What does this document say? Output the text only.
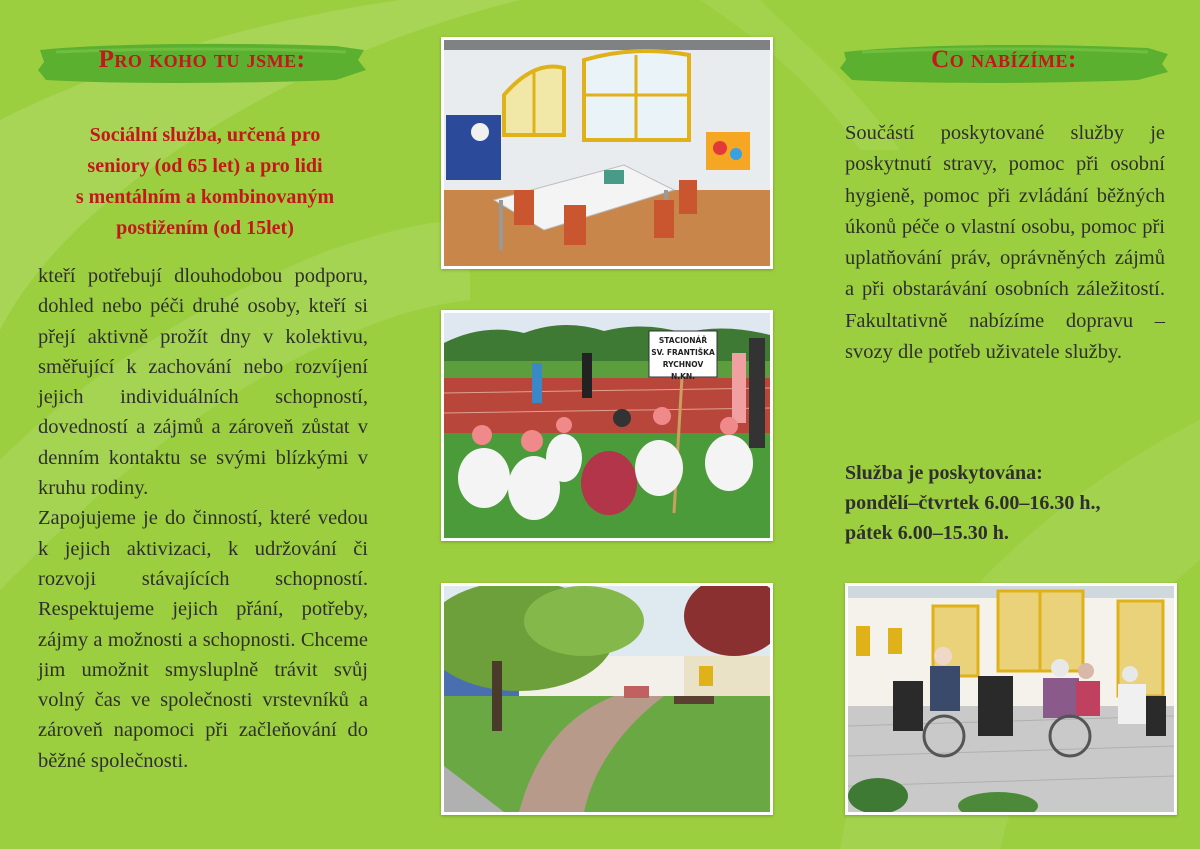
Pro koho tu jsme:
Sociální služba, určená pro
seniory (od 65 let) a pro lidi
s mentálním a kombinovaným
postižením (od 15let)

kteří potřebují dlouhodobou podporu, dohled nebo péči druhé osoby, kteří si přejí aktivně prožít dny v kolektivu, směřující k zachování nebo rozvíjení jejich individuálních schopností, dovedností a zájmů a zároveň zůstat v denním kontaktu se svými blízkými v kruhu rodiny.

Zapojujeme je do činností, které vedou k jejich aktivizaci, k udržování či rozvoji stávajících schopností. Respektujeme jejich přání, potřeby, zájmy a možnosti a schopnosti. Chceme jim umožnit smysluplně trávit svůj volný čas ve společnosti vrstevníků a zároveň napomoci při začleňování do běžné společnosti.

STACIONÁŘ
SV. FRANTIŠKA
RYCHNOV N.KN.
Co nabízíme:

Součástí poskytované služby je poskytnutí stravy, pomoc při osobní hygieně, pomoc při zvládání běžných úkonů péče o vlastní osobu, pomoc při uplatňování práv, oprávněných zájmů a při obstarávání osobních záležitostí. Fakultativně nabízíme dopravu – svozy dle potřeb uživatele služby.

Služba je poskytována:
pondělí–čtvrtek 6.00–16.30 h.,
pátek 6.00–15.30 h.
